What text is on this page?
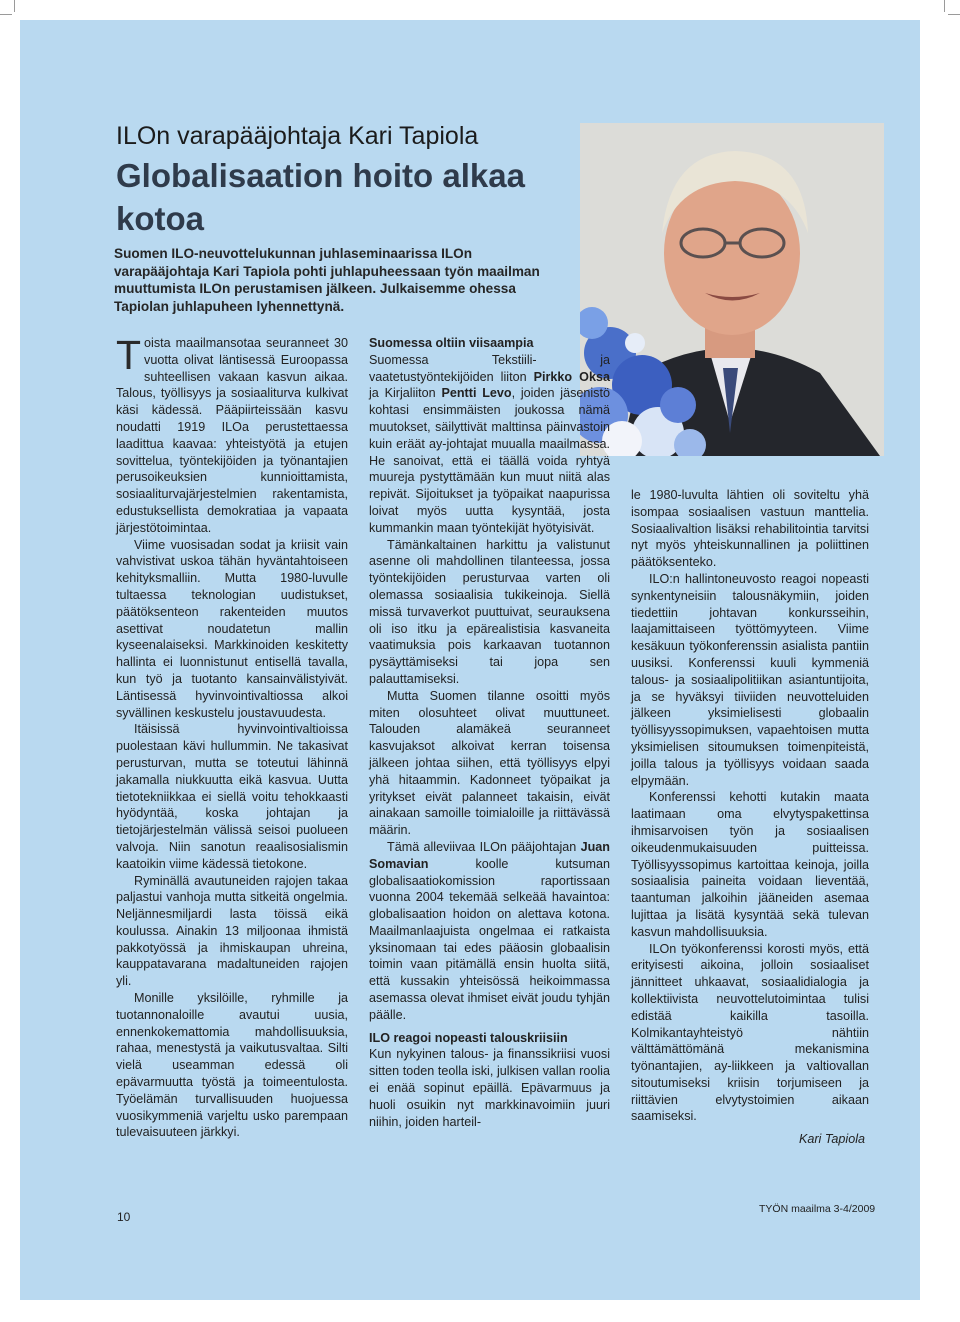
ILOn varapääjohtaja Kari Tapiola
Globalisaation hoito alkaa kotoa
Suomen ILO-neuvottelukunnan juhlaseminaarissa ILOn varapääjohtaja Kari Tapiola pohti juhlapuheessaan työn maailman muuttumista ILOn perustamisen jälkeen. Julkaisemme ohessa Tapiolan juhlapuheen lyhennettynä.

Toista maailmansotaa seuranneet 30 vuotta olivat läntisessä Euroopassa suhteellisen vakaan kasvun aikaa. Talous, työllisyys ja sosiaaliturva kulkivat käsi kädessä. Pääpiirteissään kasvu noudatti 1919 ILOa perustettaessa laadittua kaavaa: yhteistyötä ja etujen sovittelua, työntekijöiden ja työnantajien perusoikeuksien kunnioittamista, sosiaaliturvajärjestelmien rakentamista, edustuksellista demokratiaa ja vapaata järjestötoimintaa.

Viime vuosisadan sodat ja kriisit vain vahvistivat uskoa tähän hyväntahtoiseen kehityksmalliin. Mutta 1980-luvulle tultaessa teknologian uudistukset, päätöksenteon rakenteiden muutos asettivat noudatetun mallin kyseenalaiseksi. Markkinoiden keskitetty hallinta ei luonnistunut entisellä tavalla, kun työ ja tuotanto kansainvälistyivät. Läntisessä hyvinvointivaltiossa alkoi syvällinen keskustelu joustavuudesta.

Itäisissä hyvinvointivaltioissa puolestaan kävi hullummin. Ne takasivat perusturvan, mutta se toteutui lähinnä jakamalla niukkuutta eikä kasvua. Uutta tietotekniikkaa ei siellä voitu tehokkaasti hyödyntää, koska johtajan ja tietojärjestelmän välissä seisoi puolueen valvoja. Niin sanotun reaalisosialismin kaatoikin viime kädessä tietokone.

Ryminällä avautuneiden rajojen takaa paljastui vanhoja mutta sitkeitä ongelmia. Neljännesmiljardi lasta töissä eikä koulussa. Ainakin 13 miljoonaa ihmistä pakkotyössä ja ihmiskaupan uhreina, kauppatavarana madaltuneiden rajojen yli.

Monille yksilöille, ryhmille ja tuotannonaloille avautui uusia, ennenkokemattomia mahdollisuuksia, rahaa, menestystä ja vaikutusvaltaa. Silti vielä useamman edessä oli epävarmuutta työstä ja toimeentulosta. Työelämän turvallisuuden huojuessa vuosikymmeniä varjeltu usko parempaan tulevaisuuteen järkkyi.

Suomessa oltiin viisaampia

Suomessa Tekstiili- ja vaatetustyöntekijöiden liiton Pirkko Oksa ja Kirjaliiton Pentti Levo, joiden jäsenistö kohtasi ensimmäisten joukossa nämä muutokset, säilyttivät malttinsa päinvastoin kuin eräät ay-johtajat muualla maailmassa. He sanoivat, että ei täällä voida ryhtyä muureja pystyttämään kun muut niitä alas repivät. Sijoitukset ja työpaikat naapurissa loivat myös uutta kysyntää, josta kummankin maan työntekijät hyötyisivät.

Tämänkaltainen harkittu ja valistunut asenne oli mahdollinen tilanteessa, jossa työntekijöiden perusturvaa varten oli olemassa sosiaalisia tukikeinoja. Siellä missä turvaverkot puuttuivat, seurauksena oli iso itku ja epärealistisia kasvaneita vaatimuksia pois karkaavan tuotannon pysäyttämiseksi tai jopa sen palauttamiseksi.

Mutta Suomen tilanne osoitti myös miten olosuhteet olivat muuttuneet. Talouden alamäkeä seuranneet kasvujaksot alkoivat kerran toisensa jälkeen johtaa siihen, että työllisyys elpyi yhä hitaammin. Kadonneet työpaikat ja yritykset eivät palanneet takaisin, eivät ainakaan samoille toimialoille ja riittävässä määrin.

Tämä alleviivaa ILOn pääjohtajan Juan Somavian koolle kutsuman globalisaatiokomission raportissaan vuonna 2004 tekemää selkeää havaintoa: globalisaation hoidon on alettava kotona. Maailmanlaajuista ongelmaa ei ratkaista yksinomaan tai edes pääosin globaalisin toimin vaan pitämällä ensin huolta siitä, että kussakin yhteisössä heikoimmassa asemassa olevat ihmiset eivät joudu tyhjän päälle.

ILO reagoi nopeasti talouskriisiin

Kun nykyinen talous- ja finanssikriisi vuosi sitten toden teolla iski, julkisen vallan roolia ei enää sopinut epäillä. Epävarmuus ja huoli osuikin nyt markkinavoimiin juuri niihin, joiden harteil-

le 1980-luvulta lähtien oli soviteltu yhä isompaa sosiaalisen vastuun manttelia. Sosiaalivaltion lisäksi rehabilitointia tarvitsi nyt myös yhteiskunnallinen ja poliittinen päätöksenteko.

ILO:n hallintoneuvosto reagoi nopeasti synkentyneisiin talousnäkymiin, joiden tiedettiin johtavan konkursseihin, laajamittaiseen työttömyyteen. Viime kesäkuun työkonferenssin asialista pantiin uusiksi. Konferenssi kuuli kymmeniä talous- ja sosiaalipolitiikan asiantuntijoita, ja se hyväksyi tiiviiden neuvotteluiden jälkeen yksimielisesti globaalin työllisyyssopimuksen, vapaehtoisen mutta yksimielisen sitoumuksen toimenpiteistä, joilla talous ja työllisyys voidaan saada elpymään.

Konferenssi kehotti kutakin maata laatimaan oma elvytyspakettinsa ihmisarvoisen työn ja sosiaalisen oikeudenmukaisuuden puitteissa. Työllisyyssopimus kartoittaa keinoja, joilla sosiaalisia paineita voidaan lieventää, taantuman jalkoihin jääneiden asemaa lujittaa ja lisätä kysyntää sekä tulevan kasvun mahdollisuuksia.

ILOn työkonferenssi korosti myös, että erityisesti aikoina, jolloin sosiaaliset jännitteet uhkaavat, sosiaalidialogia ja kollektiivista neuvottelutoimintaa tulisi edistää kaikilla tasoilla. Kolmikantayhteistyö nähtiin välttämättömänä mekanismina työnantajien, ay-liikkeen ja valtiovallan sitoutumiseksi kriisin torjumiseen ja riittävien elvytystoimien aikaan saamiseksi.

Kari Tapiola

10
TYÖN maailma 3-4/2009
